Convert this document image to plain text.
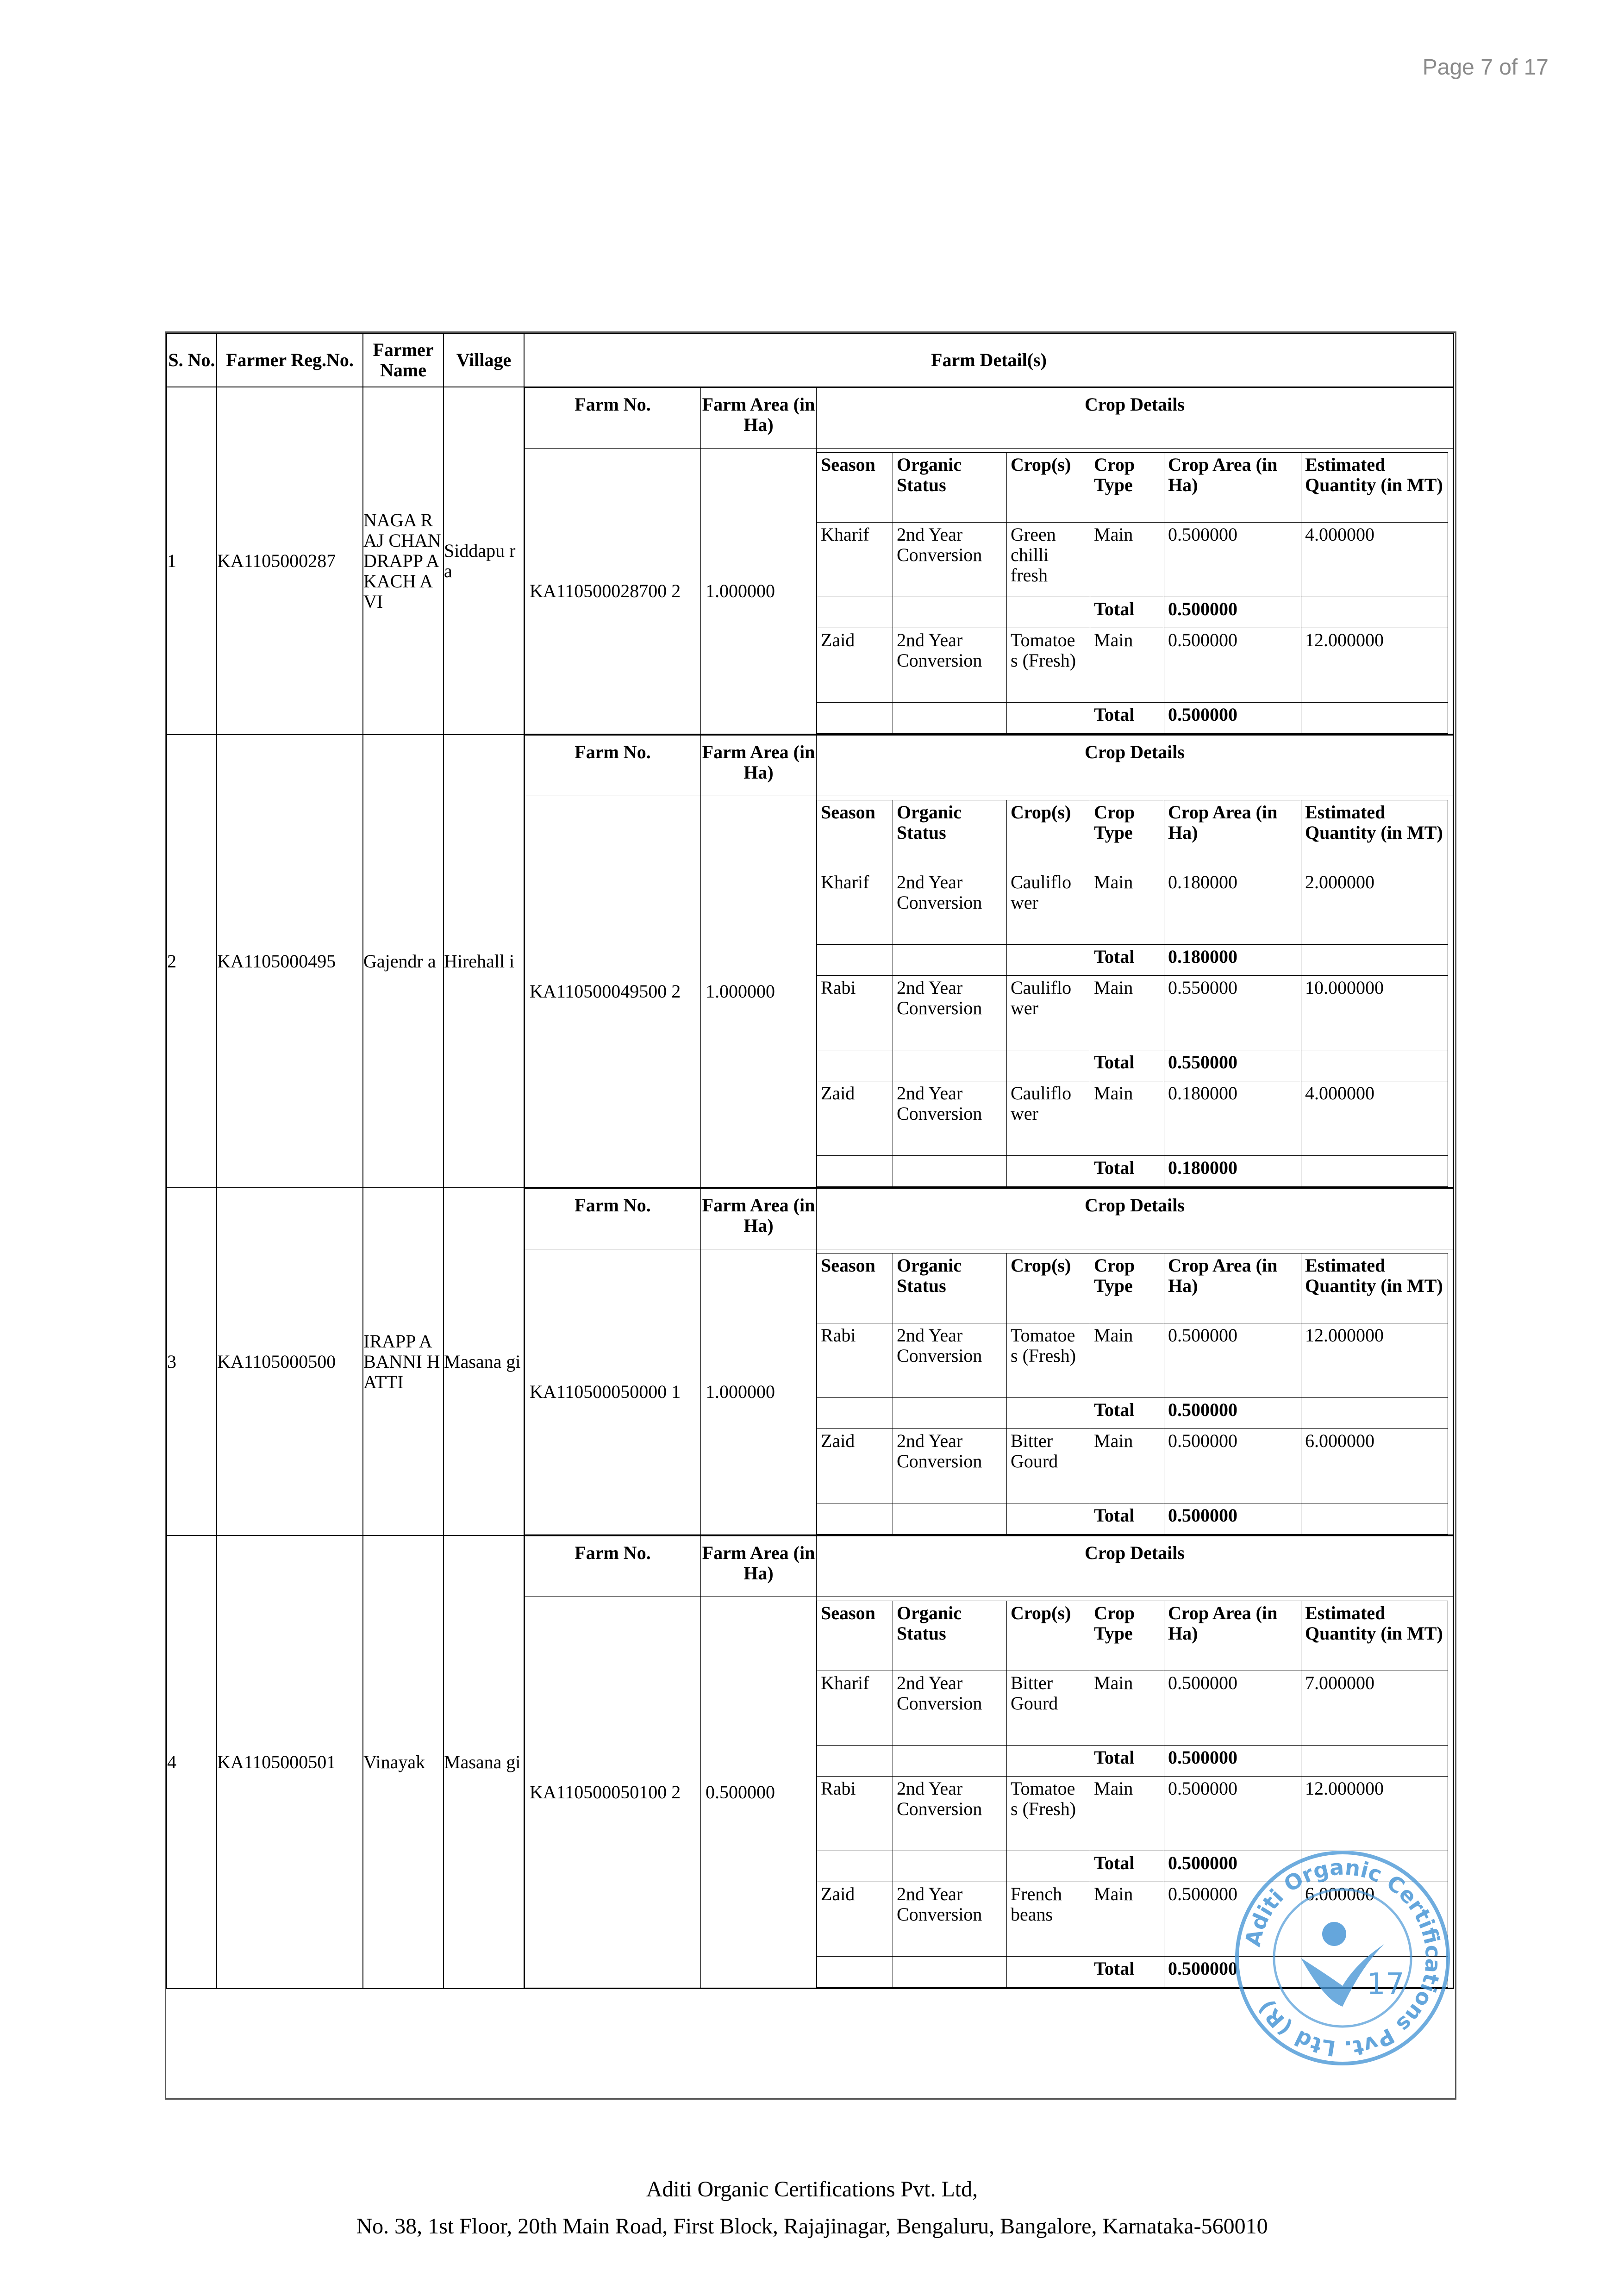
Page 7 of 17
S. No.	Farmer Reg.No.	Farmer Name	Village	Farm Detail(s)
1	KA1105000287	NAGA RAJ CHAN DRAPP A KACH AVI	Siddapu ra	
Farm No.	Farm Area (in Ha)	Crop Details
KA110500028700 2	1.000000	
Season	Organic Status	Crop(s)	Crop Type	Crop Area (in Ha)	Estimated Quantity (in MT)
Kharif	2nd Year Conversion	Green chilli fresh	Main	0.500000	4.000000
			Total	0.500000	
Zaid	2nd Year Conversion	Tomatoe s (Fresh)	Main	0.500000	12.000000
			Total	0.500000	

2	KA1105000495	Gajendr a	Hirehall i	
Farm No.	Farm Area (in Ha)	Crop Details
KA110500049500 2	1.000000	
Season	Organic Status	Crop(s)	Crop Type	Crop Area (in Ha)	Estimated Quantity (in MT)
Kharif	2nd Year Conversion	Cauliflo wer	Main	0.180000	2.000000
			Total	0.180000	
Rabi	2nd Year Conversion	Cauliflo wer	Main	0.550000	10.000000
			Total	0.550000	
Zaid	2nd Year Conversion	Cauliflo wer	Main	0.180000	4.000000
			Total	0.180000	

3	KA1105000500	IRAPP A BANNI HATTI	Masana gi	
Farm No.	Farm Area (in Ha)	Crop Details
KA110500050000 1	1.000000	
Season	Organic Status	Crop(s)	Crop Type	Crop Area (in Ha)	Estimated Quantity (in MT)
Rabi	2nd Year Conversion	Tomatoe s (Fresh)	Main	0.500000	12.000000
			Total	0.500000	
Zaid	2nd Year Conversion	Bitter Gourd	Main	0.500000	6.000000
			Total	0.500000	

4	KA1105000501	Vinayak	Masana gi	
Farm No.	Farm Area (in Ha)	Crop Details
KA110500050100 2	0.500000	
Season	Organic Status	Crop(s)	Crop Type	Crop Area (in Ha)	Estimated Quantity (in MT)
Kharif	2nd Year Conversion	Bitter Gourd	Main	0.500000	7.000000
			Total	0.500000	
Rabi	2nd Year Conversion	Tomatoe s (Fresh)	Main	0.500000	12.000000
			Total	0.500000	
Zaid	2nd Year Conversion	French beans	Main	0.500000	6.000000
			Total	0.500000	
Aditi Organic Certifications Pvt. Ltd (R)
17
Aditi Organic Certifications Pvt. Ltd,
No. 38, 1st Floor, 20th Main Road, First Block, Rajajinagar, Bengaluru, Bangalore, Karnataka-560010
